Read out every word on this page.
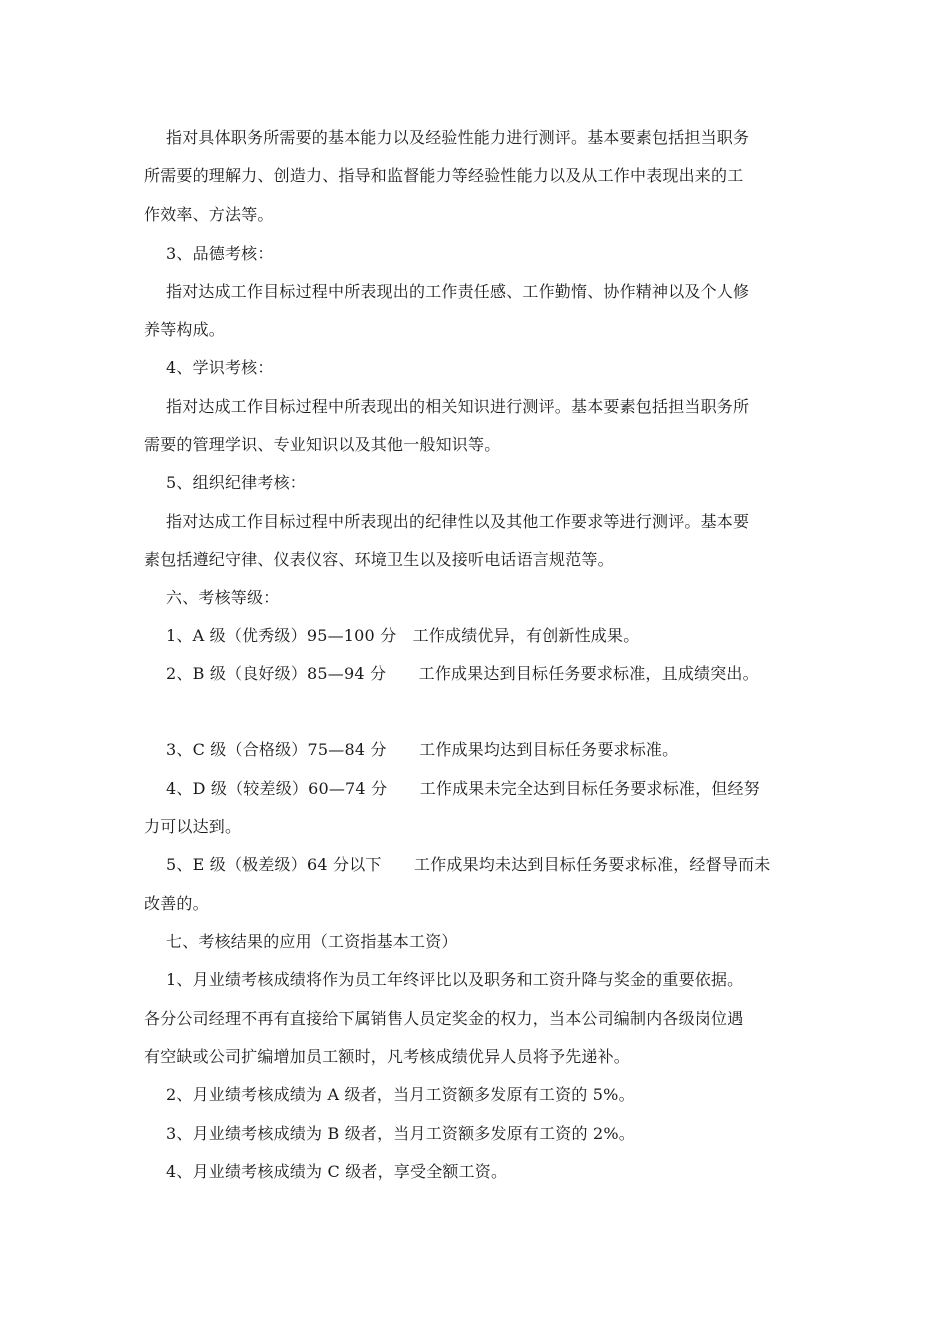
指对具体职务所需要的基本能力以及经验性能力进行测评。基本要素包括担当职务
所需要的理解力、创造力、指导和监督能力等经验性能力以及从工作中表现出来的工
作效率、方法等。
3、品德考核：
指对达成工作目标过程中所表现出的工作责任感、工作勤惰、协作精神以及个人修
养等构成。
4、学识考核：
指对达成工作目标过程中所表现出的相关知识进行测评。基本要素包括担当职务所
需要的管理学识、专业知识以及其他一般知识等。
5、组织纪律考核：
指对达成工作目标过程中所表现出的纪律性以及其他工作要求等进行测评。基本要
素包括遵纪守律、仪表仪容、环境卫生以及接听电话语言规范等。
六、考核等级：
1、A 级（优秀级）95—100 分　工作成绩优异，有创新性成果。
2、B 级（良好级）85—94 分　　工作成果达到目标任务要求标准，且成绩突出。
3、C 级（合格级）75—84 分　　工作成果均达到目标任务要求标准。
4、D 级（较差级）60—74 分　　工作成果未完全达到目标任务要求标准，但经努
力可以达到。
5、E 级（极差级）64 分以下　　工作成果均未达到目标任务要求标准，经督导而未
改善的。
七、考核结果的应用（工资指基本工资）
1、月业绩考核成绩将作为员工年终评比以及职务和工资升降与奖金的重要依据。
各分公司经理不再有直接给下属销售人员定奖金的权力，当本公司编制内各级岗位遇
有空缺或公司扩编增加员工额时，凡考核成绩优异人员将予先递补。
2、月业绩考核成绩为 A 级者，当月工资额多发原有工资的 5%。
3、月业绩考核成绩为 B 级者，当月工资额多发原有工资的 2%。
4、月业绩考核成绩为 C 级者，享受全额工资。
